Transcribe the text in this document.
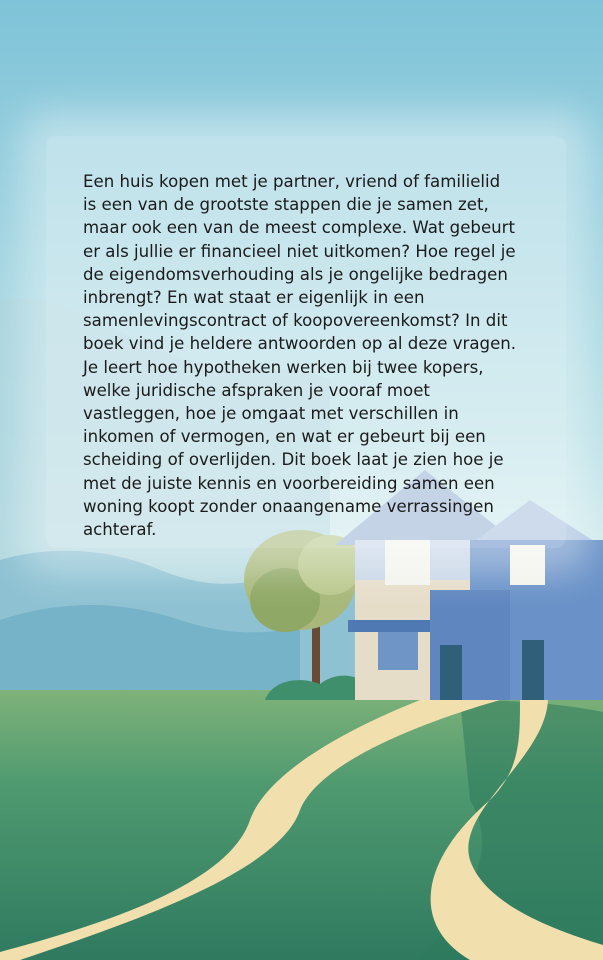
Een huis kopen met je partner, vriend of familielid
is een van de grootste stappen die je samen zet,
maar ook een van de meest complexe. Wat gebeurt
er als jullie er financieel niet uitkomen? Hoe regel je
de eigendomsverhouding als je ongelijke bedragen
inbrengt? En wat staat er eigenlijk in een
samenlevingscontract of koopovereenkomst? In dit
boek vind je heldere antwoorden op al deze vragen.
Je leert hoe hypotheken werken bij twee kopers,
welke juridische afspraken je vooraf moet
vastleggen, hoe je omgaat met verschillen in
inkomen of vermogen, en wat er gebeurt bij een
scheiding of overlijden. Dit boek laat je zien hoe je
met de juiste kennis en voorbereiding samen een
woning koopt zonder onaangename verrassingen
achteraf.
